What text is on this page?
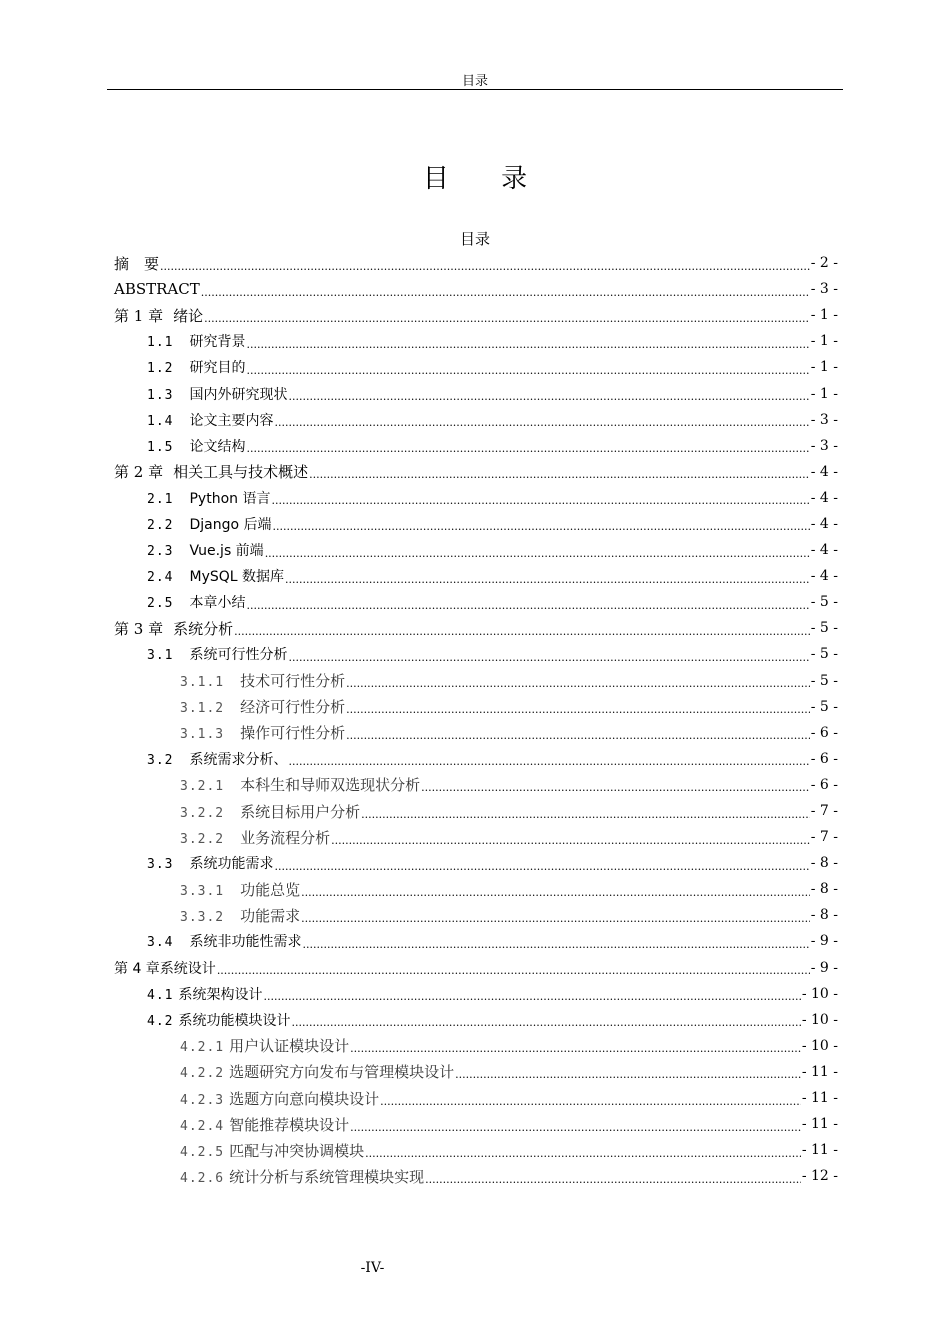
目录
目 录
目录
摘　要 .....	- 2 -
ABSTRACT .....	- 3 -
第 1 章 绪论 .....	- 1 -
1.1 研究背景 .....	- 1 -
1.2 研究目的 .....	- 1 -
1.3 国内外研究现状 .....	- 1 -
1.4 论文主要内容 .....	- 3 -
1.5 论文结构 .....	- 3 -
第 2 章 相关工具与技术概述 .....	- 4 -
2.1 Python 语言 .....	- 4 -
2.2 Django 后端 .....	- 4 -
2.3 Vue.js 前端 .....	- 4 -
2.4 MySQL 数据库 .....	- 4 -
2.5 本章小结 .....	- 5 -
第 3 章 系统分析 .....	- 5 -
3.1 系统可行性分析 .....	- 5 -
3.1.1 技术可行性分析 .....	- 5 -
3.1.2 经济可行性分析 .....	- 5 -
3.1.3 操作可行性分析 .....	- 6 -
3.2 系统需求分析、 .....	- 6 -
3.2.1 本科生和导师双选现状分析 .....	- 6 -
3.2.2 系统目标用户分析 .....	- 7 -
3.2.2 业务流程分析 .....	- 7 -
3.3 系统功能需求 .....	- 8 -
3.3.1 功能总览 .....	- 8 -
3.3.2 功能需求 .....	- 8 -
3.4 系统非功能性需求 .....	- 9 -
第 4 章系统设计 .....	- 9 -
4.1 系统架构设计 .....	- 10 -
4.2 系统功能模块设计 .....	- 10 -
4.2.1 用户认证模块设计 .....	- 10 -
4.2.2 选题研究方向发布与管理模块设计 .....	- 11 -
4.2.3 选题方向意向模块设计 .....	- 11 -
4.2.4 智能推荐模块设计 .....	- 11 -
4.2.5 匹配与冲突协调模块 .....	- 11 -
4.2.6 统计分析与系统管理模块实现 .....	- 12 -
-IV-
